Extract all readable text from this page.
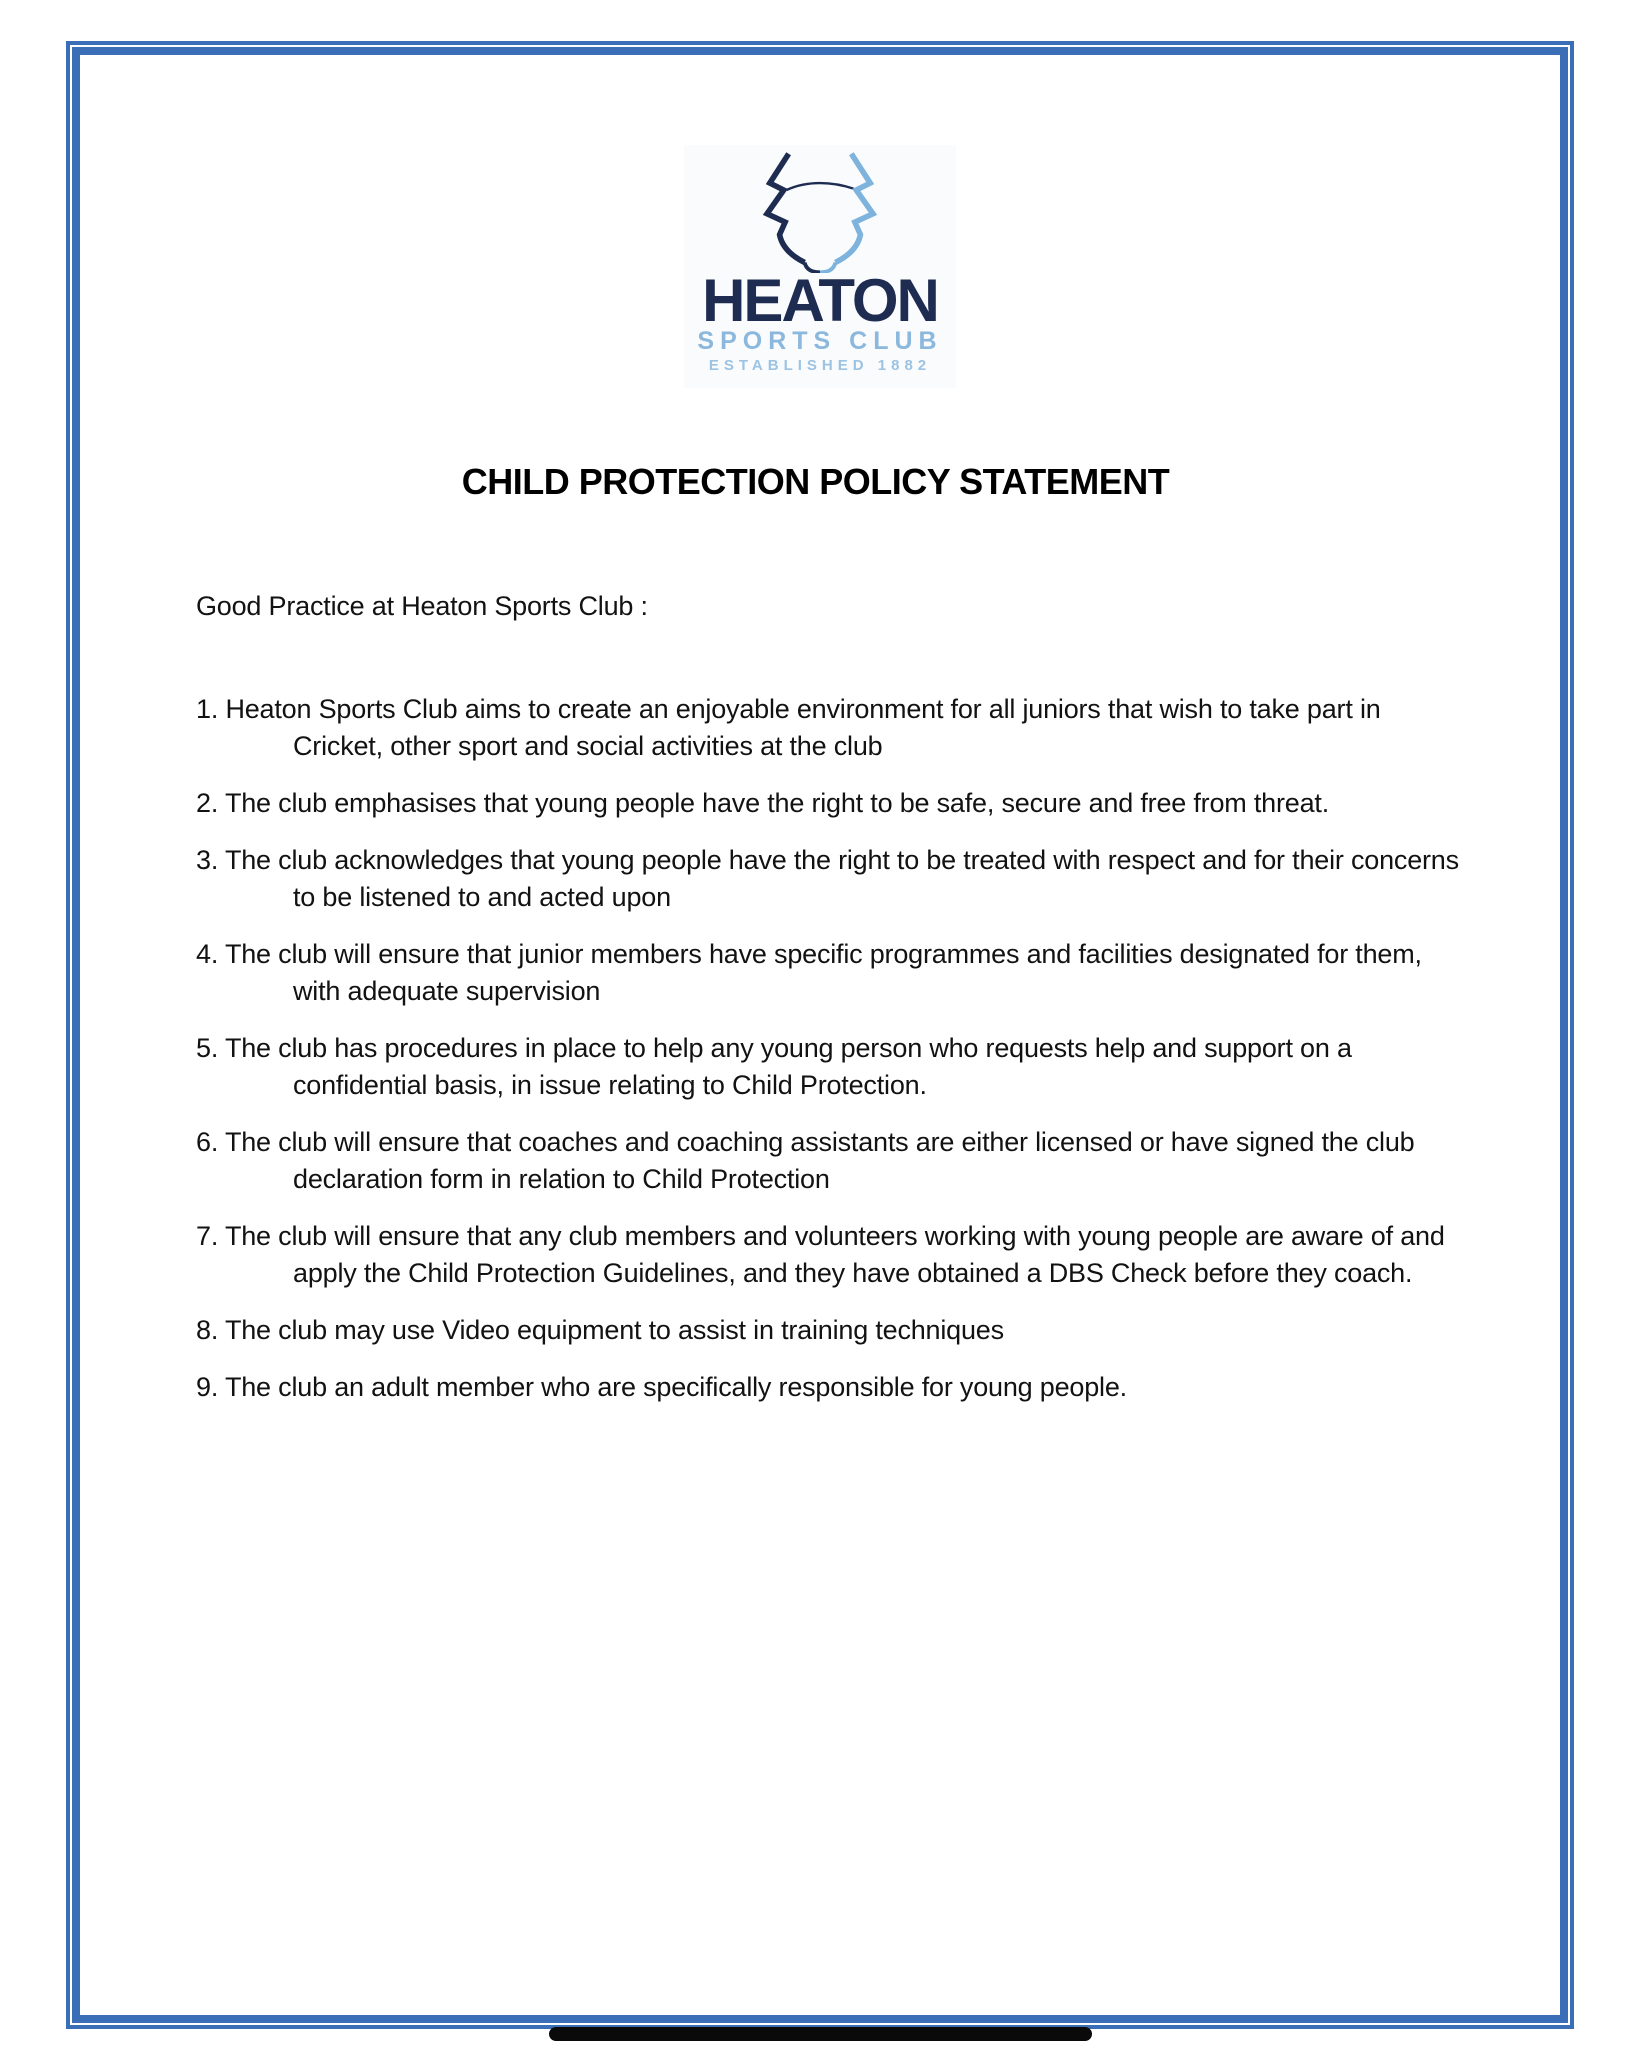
HEATON
SPORTS CLUB
ESTABLISHED 1882
CHILD PROTECTION POLICY STATEMENT
Good Practice at Heaton Sports Club :
1. Heaton Sports Club aims to create an enjoyable environment for all juniors that wish to take part in Cricket, other sport and social activities at the club
2. The club emphasises that young people have the right to be safe, secure and free from threat.
3. The club acknowledges that young people have the right to be treated with respect and for their concerns to be listened to and acted upon
4. The club will ensure that junior members have specific programmes and facilities designated for them, with adequate supervision
5. The club has procedures in place to help any young person who requests help and support on a confidential basis, in issue relating to Child Protection.
6. The club will ensure that coaches and coaching assistants are either licensed or have signed the club declaration form in relation to Child Protection
7. The club will ensure that any club members and volunteers working with young people are aware of and apply the Child Protection Guidelines, and they have obtained a DBS Check before they coach.
8. The club may use Video equipment to assist in training techniques
9. The club an adult member who are specifically responsible for young people.
